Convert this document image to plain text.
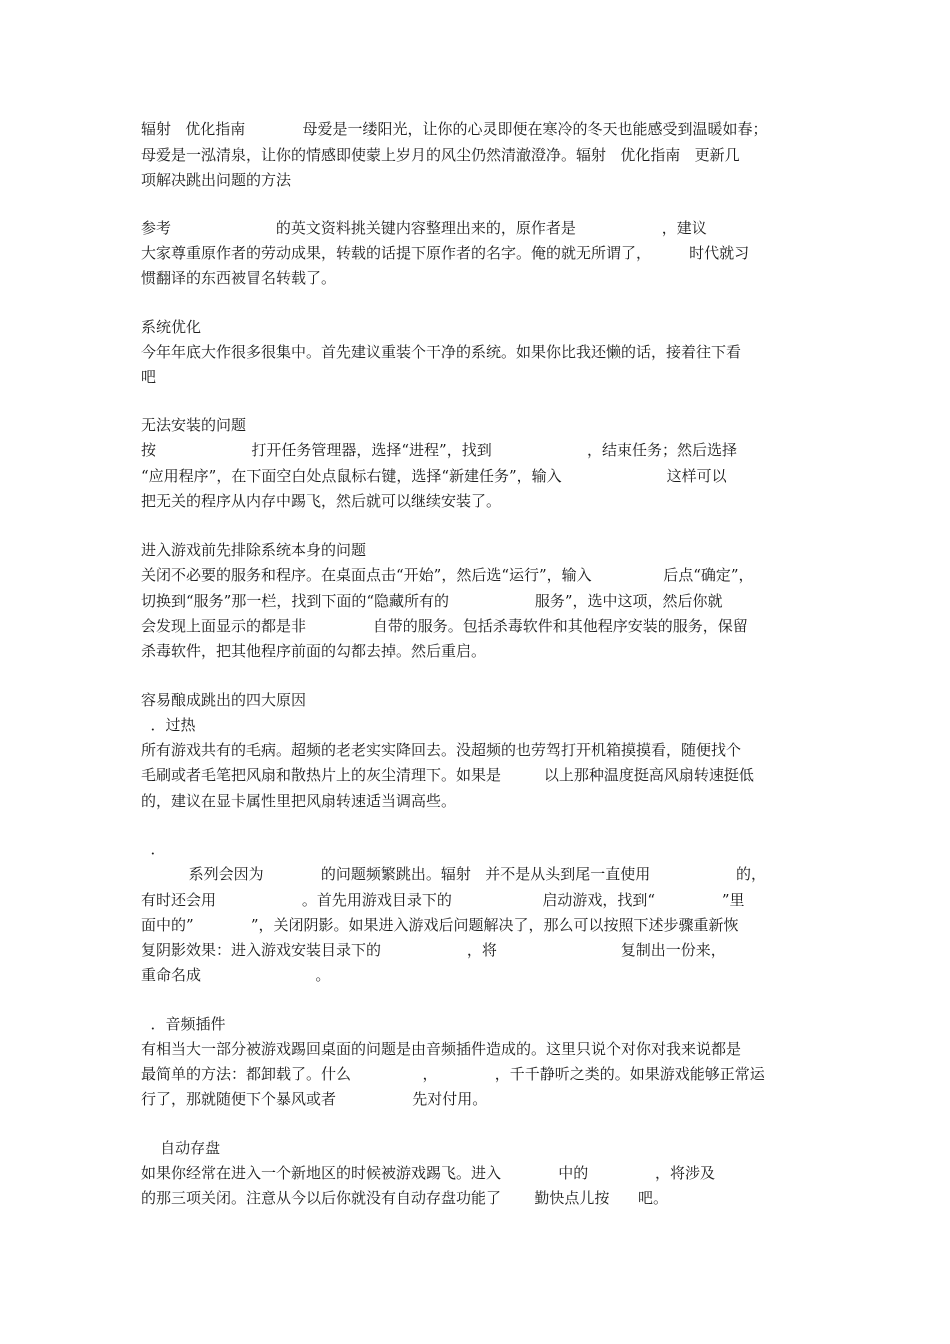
辐射   优化指南            母爱是一缕阳光，让你的心灵即便在寒冷的冬天也能感受到温暖如春；
母爱是一泓清泉，让你的情感即使蒙上岁月的风尘仍然清澈澄净。辐射   优化指南   更新几
项解决跳出问题的方法
参考                      的英文资料挑关键内容整理出来的，原作者是                  ，建议
大家尊重原作者的劳动成果，转载的话提下原作者的名字。俺的就无所谓了，        时代就习
惯翻译的东西被冒名转载了。
系统优化
今年年底大作很多很集中。首先建议重装个干净的系统。如果你比我还懒的话，接着往下看
吧
无法安装的问题
按                    打开任务管理器，选择“进程”，找到                    ，结束任务；然后选择
“应用程序”，在下面空白处点鼠标右键，选择“新建任务”，输入                      这样可以
把无关的程序从内存中踢飞，然后就可以继续安装了。
进入游戏前先排除系统本身的问题
关闭不必要的服务和程序。在桌面点击“开始”，然后选“运行”，输入               后点“确定”，
切换到“服务”那一栏，找到下面的“隐藏所有的                  服务”，选中这项，然后你就
会发现上面显示的都是非              自带的服务。包括杀毒软件和其他程序安装的服务，保留
杀毒软件，把其他程序前面的勾都去掉。然后重启。
容易酿成跳出的四大原因
．过热
所有游戏共有的毛病。超频的老老实实降回去。没超频的也劳驾打开机箱摸摸看，随便找个
毛刷或者毛笔把风扇和散热片上的灰尘清理下。如果是         以上那种温度挺高风扇转速挺低
的，建议在显卡属性里把风扇转速适当调高些。
．
系列会因为            的问题频繁跳出。辐射   并不是从头到尾一直使用                  的，
有时还会用                  。首先用游戏目录下的                   启动游戏，找到“              ”里
面中的”            ”，关闭阴影。如果进入游戏后问题解决了，那么可以按照下述步骤重新恢
复阴影效果：进入游戏安装目录下的                  ，将                          复制出一份来，
重命名成                        。
．音频插件
有相当大一部分被游戏踢回桌面的问题是由音频插件造成的。这里只说个对你对我来说都是
最简单的方法：都卸载了。什么               ，            ，千千静听之类的。如果游戏能够正常运
行了，那就随便下个暴风或者                先对付用。
自动存盘
如果你经常在进入一个新地区的时候被游戏踢飞。进入            中的              ，将涉及
的那三项关闭。注意从今以后你就没有自动存盘功能了       勤快点儿按      吧。
